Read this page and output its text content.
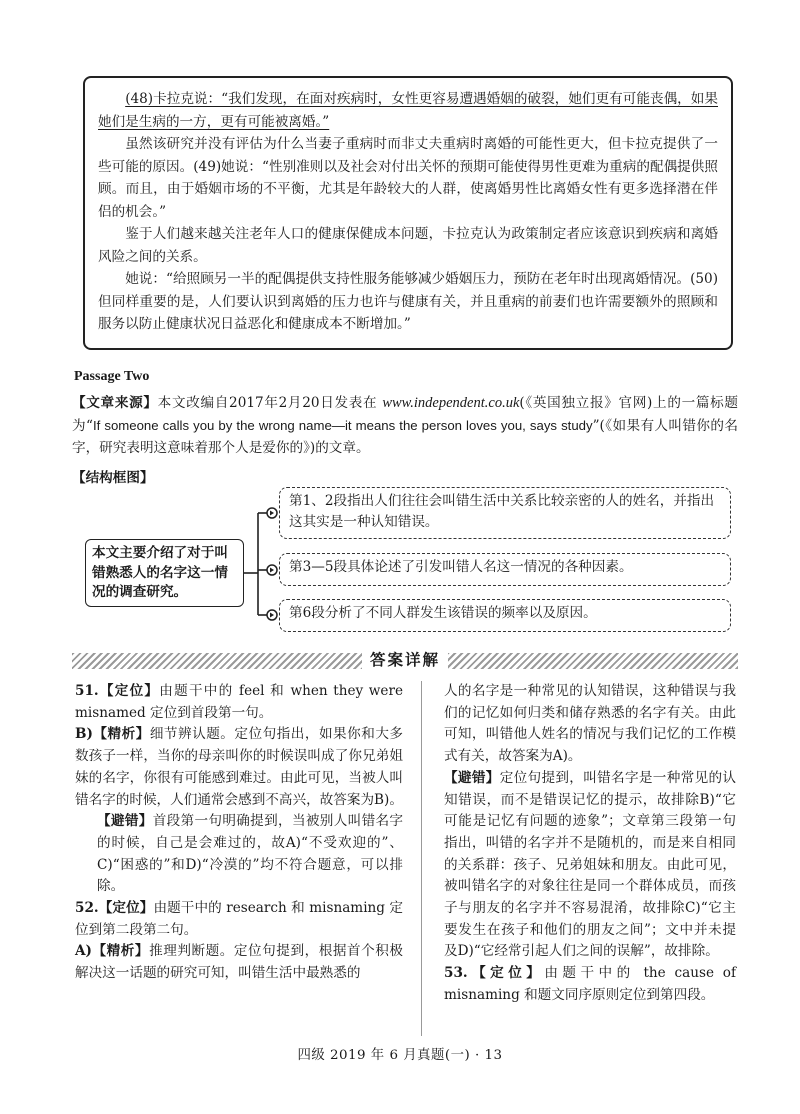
(48)卡拉克说：“我们发现，在面对疾病时，女性更容易遭遇婚姻的破裂，她们更有可能丧偶，如果她们是生病的一方，更有可能被离婚。”

虽然该研究并没有评估为什么当妻子重病时而非丈夫重病时离婚的可能性更大，但卡拉克提供了一些可能的原因。(49)她说：“性别准则以及社会对付出关怀的预期可能使得男性更难为重病的配偶提供照顾。而且，由于婚姻市场的不平衡，尤其是年龄较大的人群，使离婚男性比离婚女性有更多选择潜在伴侣的机会。”

鉴于人们越来越关注老年人口的健康保健成本问题，卡拉克认为政策制定者应该意识到疾病和离婚风险之间的关系。

她说：“给照顾另一半的配偶提供支持性服务能够减少婚姻压力，预防在老年时出现离婚情况。(50)但同样重要的是，人们要认识到离婚的压力也许与健康有关，并且重病的前妻们也许需要额外的照顾和服务以防止健康状况日益恶化和健康成本不断增加。”

Passage Two
【文章来源】本文改编自2017年2月20日发表在 www.independent.co.uk(《英国独立报》官网)上的一篇标题为“If someone calls you by the wrong name—it means the person loves you, says study”(《如果有人叫错你的名字，研究表明这意味着那个人是爱你的》)的文章。
【结构框图】
本文主要介绍了对于叫错熟悉人的名字这一情况的调查研究。
第1、2段指出人们往往会叫错生活中关系比较亲密的人的姓名，并指出这其实是一种认知错误。
第3—5段具体论述了引发叫错人名这一情况的各种因素。
第6段分析了不同人群发生该错误的频率以及原因。
答案详解
51.【定位】由题干中的 feel 和 when they were misnamed 定位到首段第一句。
B)【精析】细节辨认题。定位句指出，如果你和大多数孩子一样，当你的母亲叫你的时候误叫成了你兄弟姐妹的名字，你很有可能感到难过。由此可见，当被人叫错名字的时候，人们通常会感到不高兴，故答案为B)。
【避错】首段第一句明确提到，当被别人叫错名字的时候，自己是会难过的，故A)“不受欢迎的”、C)“困惑的”和D)“冷漠的”均不符合题意，可以排除。
52.【定位】由题干中的 research 和 misnaming 定位到第二段第二句。
A)【精析】推理判断题。定位句提到，根据首个积极解决这一话题的研究可知，叫错生活中最熟悉的
人的名字是一种常见的认知错误，这种错误与我们的记忆如何归类和储存熟悉的名字有关。由此可知，叫错他人姓名的情况与我们记忆的工作模式有关，故答案为A)。
【避错】定位句提到，叫错名字是一种常见的认知错误，而不是错误记忆的提示，故排除B)“它可能是记忆有问题的迹象”；文章第三段第一句指出，叫错的名字并不是随机的，而是来自相同的关系群：孩子、兄弟姐妹和朋友。由此可见，被叫错名字的对象往往是同一个群体成员，而孩子与朋友的名字并不容易混淆，故排除C)“它主要发生在孩子和他们的朋友之间”；文中并未提及D)“它经常引起人们之间的误解”，故排除。
53.【定位】由题干中的 the cause of misnaming 和题文同序原则定位到第四段。
四级 2019 年 6 月真题(一) · 13
